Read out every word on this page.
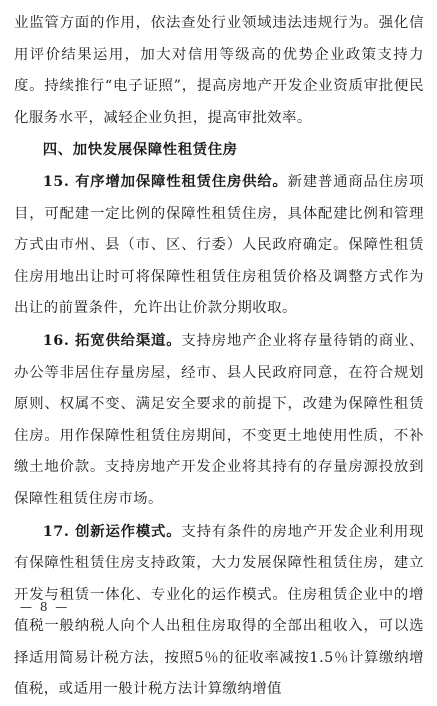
业监管方面的作用，依法查处行业领域违法违规行为。强化信用评价结果运用，加大对信用等级高的优势企业政策支持力度。持续推行“电子证照”，提高房地产开发企业资质审批便民化服务水平，减轻企业负担，提高审批效率。

四、加快发展保障性租赁住房

15. 有序增加保障性租赁住房供给。新建普通商品住房项目，可配建一定比例的保障性租赁住房，具体配建比例和管理方式由市州、县（市、区、行委）人民政府确定。保障性租赁住房用地出让时可将保障性租赁住房租赁价格及调整方式作为出让的前置条件，允许出让价款分期收取。

16. 拓宽供给渠道。支持房地产企业将存量待销的商业、办公等非居住存量房屋，经市、县人民政府同意，在符合规划原则、权属不变、满足安全要求的前提下，改建为保障性租赁住房。用作保障性租赁住房期间，不变更土地使用性质，不补缴土地价款。支持房地产开发企业将其持有的存量房源投放到保障性租赁住房市场。

17. 创新运作模式。支持有条件的房地产开发企业利用现有保障性租赁住房支持政策，大力发展保障性租赁住房，建立开发与租赁一体化、专业化的运作模式。住房租赁企业中的增值税一般纳税人向个人出租住房取得的全部出租收入，可以选择适用简易计税方法，按照5％的征收率减按1.5％计算缴纳增值税，或适用一般计税方法计算缴纳增值

— 8 —
